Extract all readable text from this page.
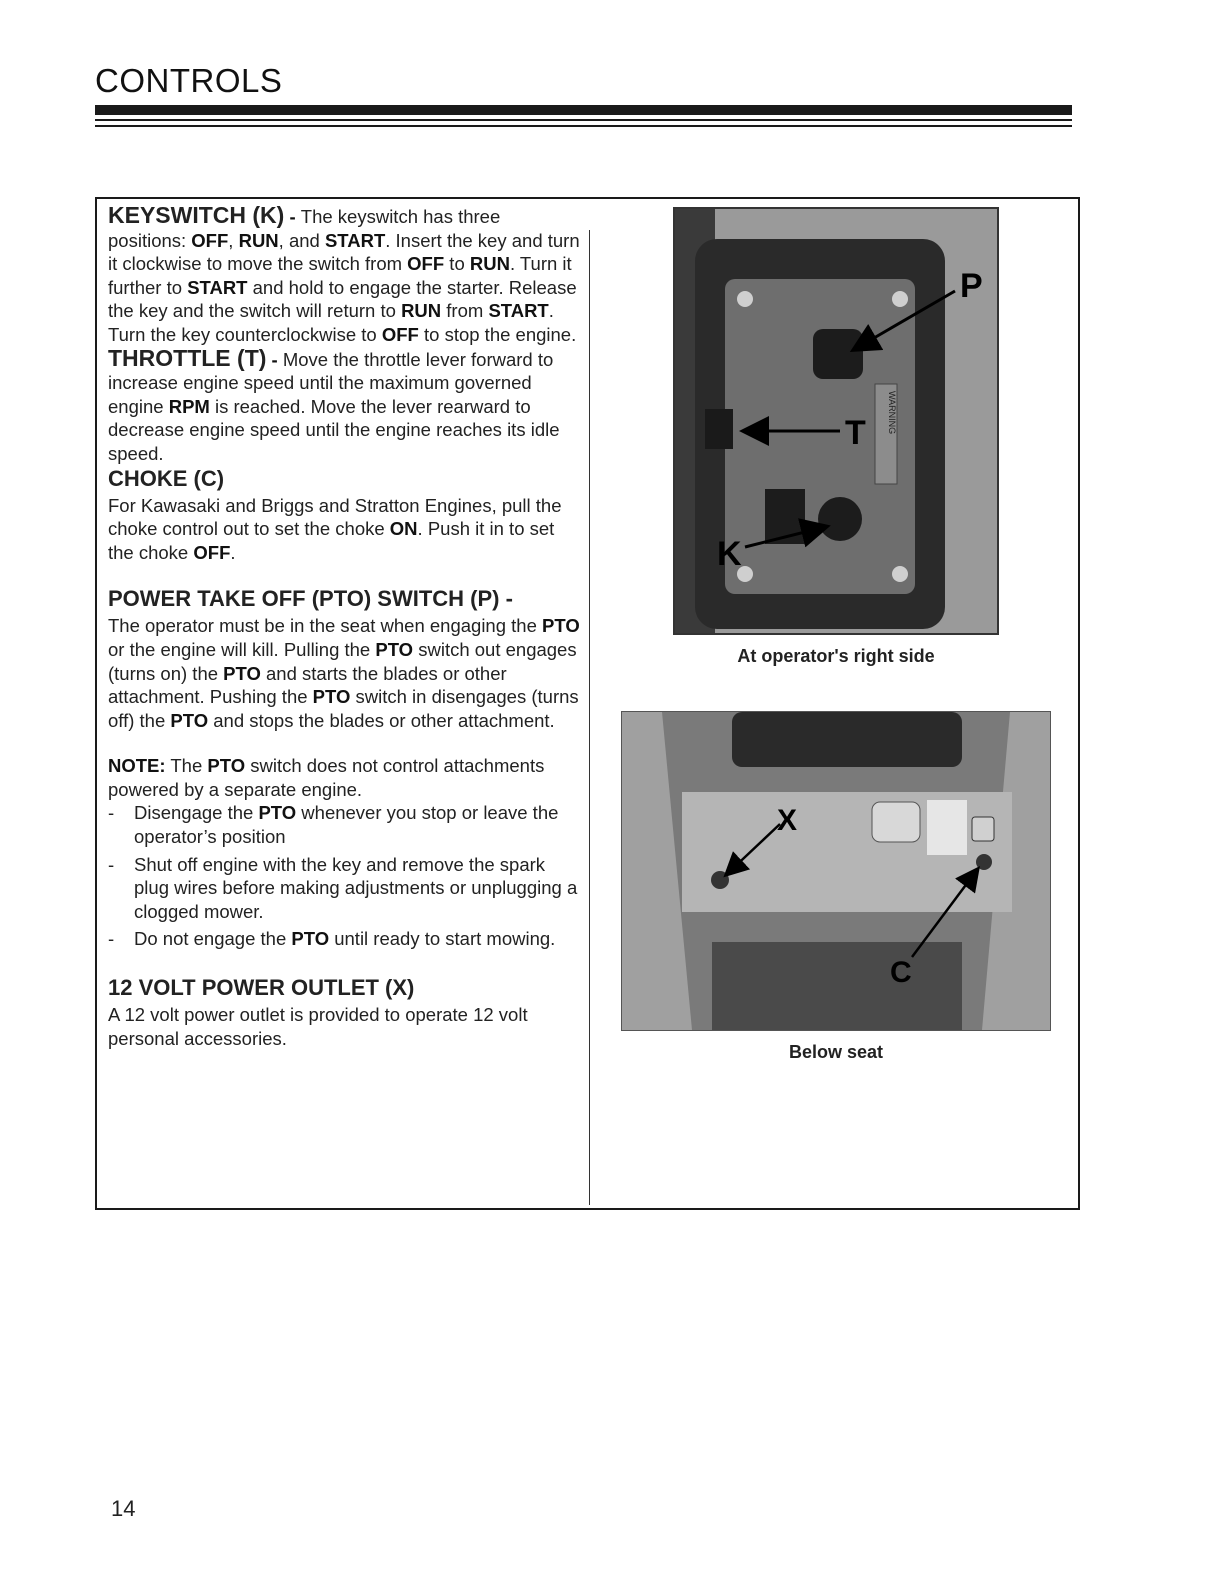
CONTROLS

KEYSWITCH (K) - The keyswitch has three positions: OFF, RUN, and START. Insert the key and turn it clockwise to move the switch from OFF to RUN. Turn it further to START and hold to engage the starter. Release the key and the switch will return to RUN from START. Turn the key counterclockwise to OFF to stop the engine.

THROTTLE (T) - Move the throttle lever forward to increase engine speed until the maximum governed engine RPM is reached. Move the lever rearward to decrease engine speed until the engine reaches its idle speed.

CHOKE (C)

For Kawasaki and Briggs and Stratton Engines, pull the choke control out to set the choke ON. Push it in to set the choke OFF.

POWER TAKE OFF (PTO) SWITCH (P) -

The operator must be in the seat when engaging the PTO or the engine will kill. Pulling the PTO switch out engages (turns on) the PTO and starts the blades or other attachment. Pushing the PTO switch in disengages (turns off) the PTO and stops the blades or other attachment.

NOTE: The PTO switch does not control attachments powered by a separate engine.

- Disengage the PTO whenever you stop or leave the operator’s position
- Shut off engine with the key and remove the spark plug wires before making adjustments or unplugging a clogged mower.
- Do not engage the PTO until ready to start mowing.
12 VOLT POWER OUTLET (X)

A 12 volt power outlet is provided to operate 12 volt personal accessories.

WARNING
P
T
K
At operator's right side
X
C
Below seat
14
